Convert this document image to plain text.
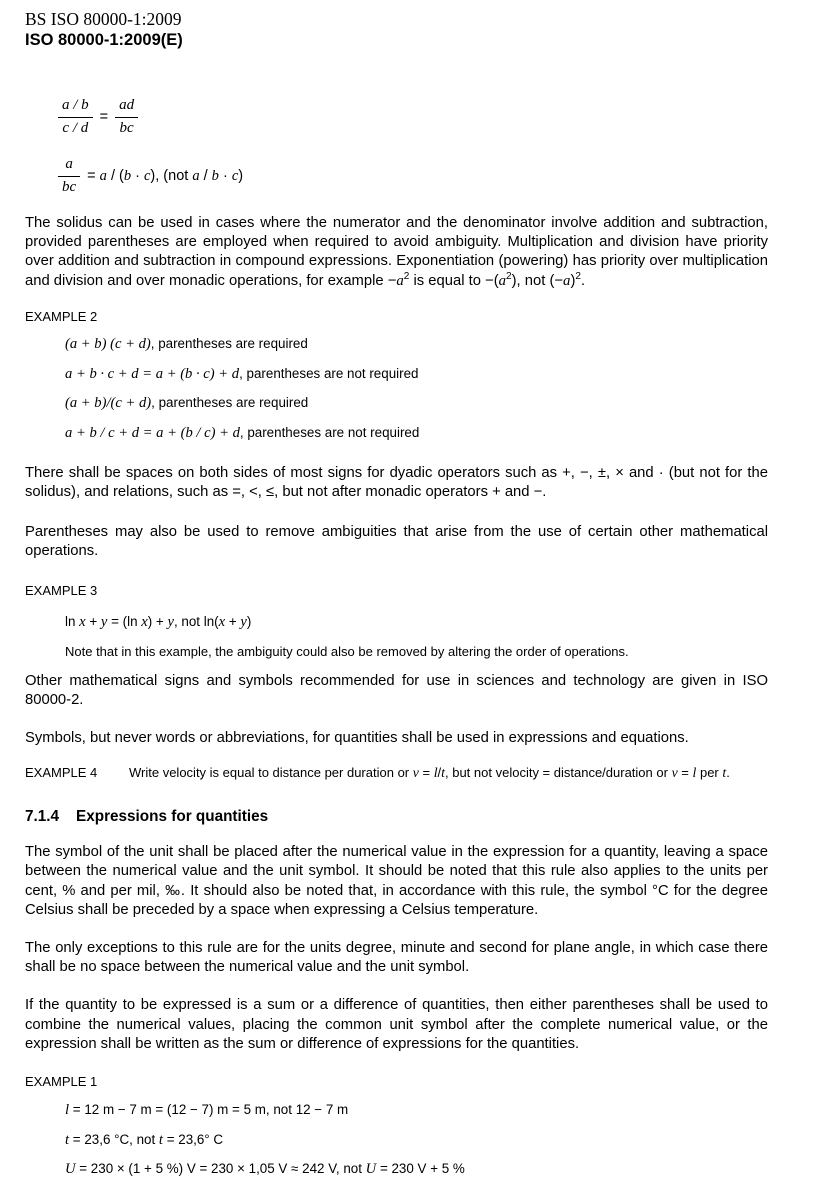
BS ISO 80000-1:2009
ISO 80000-1:2009(E)
$\frac{a / b}{c / d} = \frac{ad}{bc}$
$\frac{a}{bc} = a / (b \cdot c)$, (not a / b · c)

The solidus can be used in cases where the numerator and the denominator involve addition and subtraction, provided parentheses are employed when required to avoid ambiguity. Multiplication and division have priority over addition and subtraction in compound expressions. Exponentiation (powering) has priority over multiplication and division and over monadic operations, for example $-a^2$ is equal to $-(a^2)$, not $(-a)^2$.

EXAMPLE 2
(a + b) (c + d), parentheses are required
a + b · c + d = a + (b · c) + d, parentheses are not required
(a + b)/(c + d), parentheses are required
a + b / c + d = a + (b / c) + d, parentheses are not required

There shall be spaces on both sides of most signs for dyadic operators such as +, −, ±, × and · (but not for the solidus), and relations, such as =, <, ≤, but not after monadic operators + and −.

Parentheses may also be used to remove ambiguities that arise from the use of certain other mathematical operations.

EXAMPLE 3
ln x + y = (ln x) + y, not ln(x + y)
Note that in this example, the ambiguity could also be removed by altering the order of operations.

Other mathematical signs and symbols recommended for use in sciences and technology are given in ISO 80000-2.

Symbols, but never words or abbreviations, for quantities shall be used in expressions and equations.

EXAMPLE 4 Write velocity is equal to distance per duration or v = l/t, but not velocity = distance/duration or v = l per t.
7.1.4 Expressions for quantities

The symbol of the unit shall be placed after the numerical value in the expression for a quantity, leaving a space between the numerical value and the unit symbol. It should be noted that this rule also applies to the units per cent, % and per mil, ‰. It should also be noted that, in accordance with this rule, the symbol °C for the degree Celsius shall be preceded by a space when expressing a Celsius temperature.

The only exceptions to this rule are for the units degree, minute and second for plane angle, in which case there shall be no space between the numerical value and the unit symbol.

If the quantity to be expressed is a sum or a difference of quantities, then either parentheses shall be used to combine the numerical values, placing the common unit symbol after the complete numerical value, or the expression shall be written as the sum or difference of expressions for the quantities.

EXAMPLE 1
l = 12 m − 7 m = (12 − 7) m = 5 m, not 12 − 7 m
t = 23,6 °C, not t = 23,6° C
U = 230 × (1 + 5 %) V = 230 × 1,05 V ≈ 242 V, not U = 230 V + 5 %
